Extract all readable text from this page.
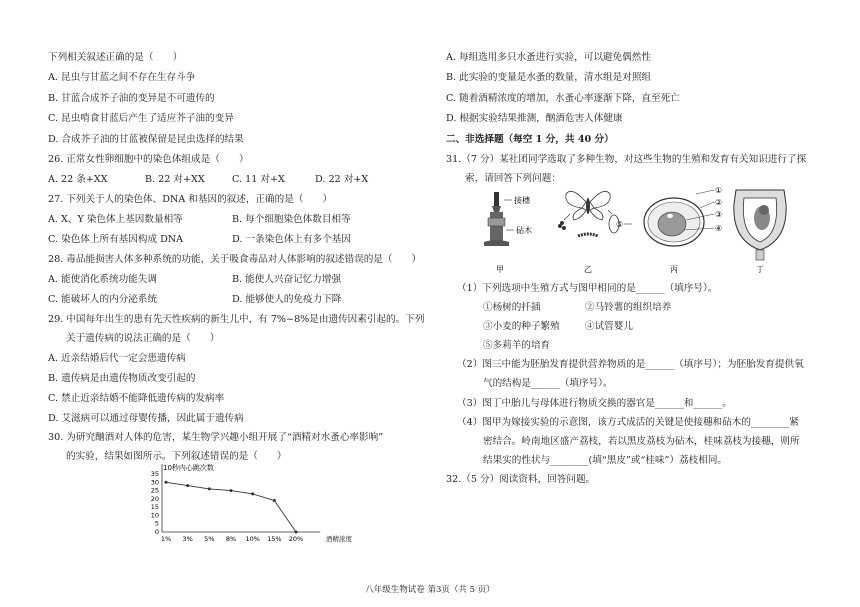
下列相关叙述正确的是（　　）
A. 昆虫与甘蓝之间不存在生存斗争
B. 甘蓝合成芥子油的变异是不可遗传的
C. 昆虫啃食甘蓝后产生了适应芥子油的变异
D. 合成芥子油的甘蓝被保留是昆虫选择的结果
26. 正常女性卵细胞中的染色体组成是（　　）
A. 22 条+XX	B. 22 对+XX	C. 11 对+X	D. 22 对+X
27. 下列关于人的染色体、DNA 和基因的叙述，正确的是（　　）
A. X、Y 染色体上基因数量相等	B. 每个细胞染色体数目相等
C. 染色体上所有基因构成 DNA	D. 一条染色体上有多个基因
28. 毒品能损害人体多种系统的功能，关于吸食毒品对人体影响的叙述错误的是（　　）
A. 能使消化系统功能失调	B. 能使人兴奋记忆力增强
C. 能破坏人的内分泌系统	D. 能够使人的免疫力下降
29. 中国每年出生的患有先天性疾病的新生儿中，有 7%~8%是由遗传因素引起的。下列
关于遗传病的说法正确的是（　　）
A. 近亲结婚后代一定会患遗传病
B. 遗传病是由遗传物质改变引起的
C. 禁止近亲结婚不能降低遗传病的发病率
D. 艾滋病可以通过母婴传播，因此属于遗传病
30. 为研究酗酒对人体的危害，某生物学兴趣小组开展了“酒精对水蚤心率影响”
的实验，结果如图所示。下列叙述错误的是（　　）
10秒内心跳次数
0
5
10
15
20
25
30
35
1% 3% 5% 8% 10% 15% 20%	酒精浓度
A. 每组选用多只水蚤进行实验，可以避免偶然性
B. 此实验的变量是水蚤的数量，清水组是对照组
C. 随着酒精浓度的增加，水蚤心率逐渐下降，直至死亡
D. 根据实验结果推测，酗酒危害人体健康
二、非选择题（每空 1 分，共 40 分）
31.（7 分）某社团同学选取了多种生物，对这些生物的生殖和发育有关知识进行了探
索，请回答下列问题：
接穗
砧木
⑤
①
②
③
④
甲	乙	丙	丁
（1）下列选项中生殖方式与图甲相同的是______（填序号）。
①杨树的扦插	②马铃薯的组织培养
③小麦的种子繁殖	④试管婴儿
⑤多莉羊的培育
（2）图三中能为胚胎发育提供营养物质的是______（填序号）；为胚胎发育提供氧
气的结构是______（填序号）。
（3）图丁中胎儿与母体进行物质交换的器官是______和______。
（4）图甲为嫁接实验的示意图，该方式成活的关键是使接穗和砧木的________紧
密结合。岭南地区盛产荔枝，若以黑皮荔枝为砧木，桂味荔枝为接穗，则所
结果实的性状与________(填“黑皮”或“桂味”）荔枝相同。
32.（5 分）阅读资料，回答问题。
八年级生物试卷 第3页（共 5 页）
